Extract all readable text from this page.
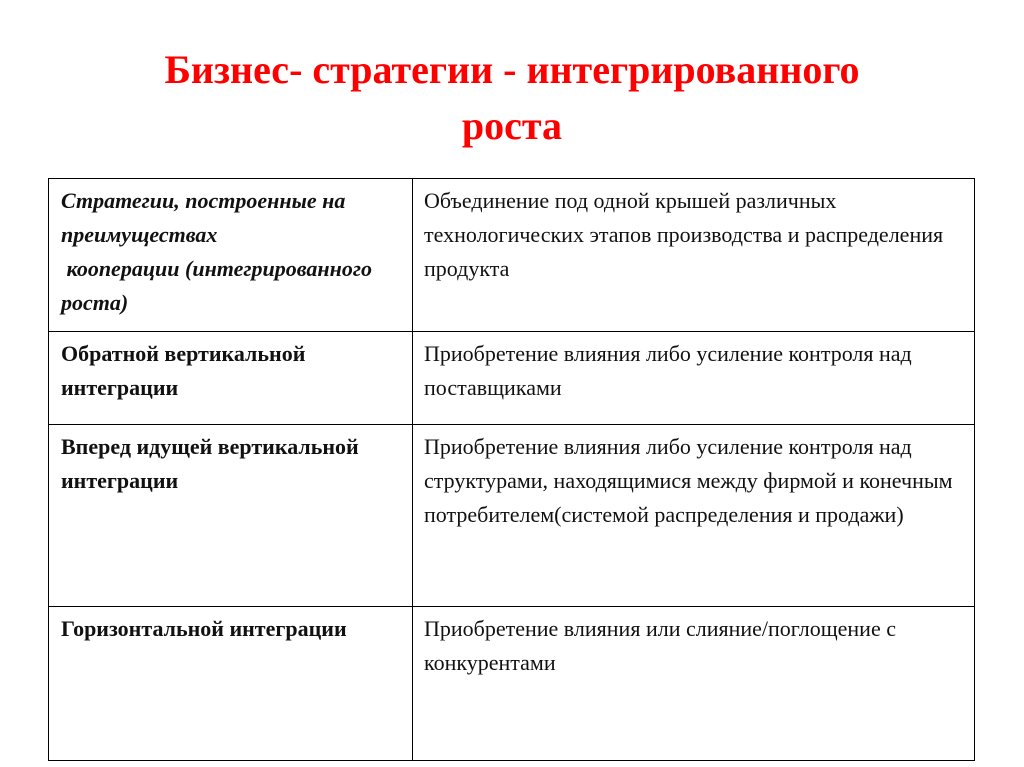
Бизнес- стратегии - интегрированного
роста
Стратегии, построенные на преимуществах
кооперации (интегрированного роста)	Объединение под одной крышей различных технологических этапов производства и распределения продукта
Обратной вертикальной интеграции	Приобретение влияния либо усиление контроля над поставщиками
Вперед идущей вертикальной интеграции	Приобретение влияния либо усиление контроля над структурами, находящимися между фирмой и конечным потребителем(системой распределения и продажи)
Горизонтальной интеграции	Приобретение влияния или слияние/поглощение с конкурентами
